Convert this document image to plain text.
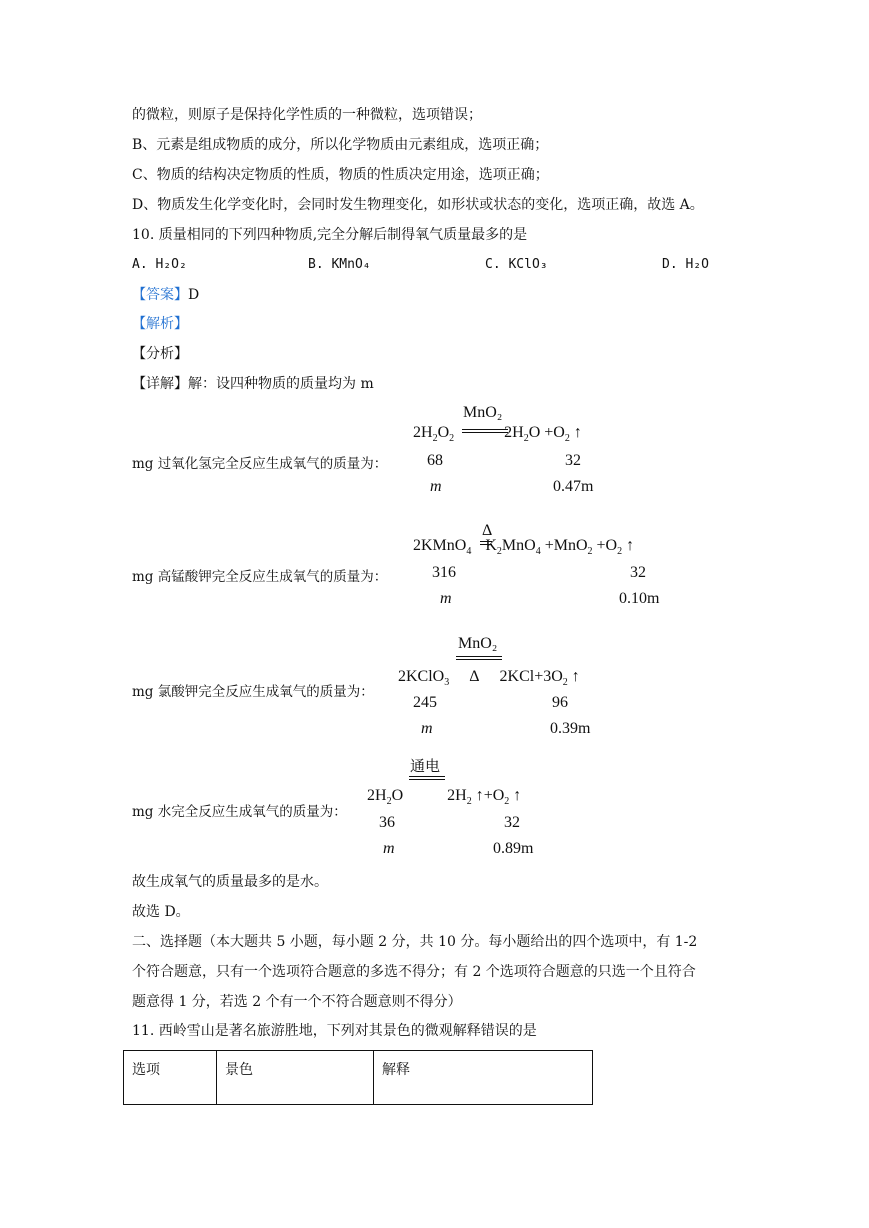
的微粒，则原子是保持化学性质的一种微粒，选项错误；
B、元素是组成物质的成分，所以化学物质由元素组成，选项正确；
C、物质的结构决定物质的性质，物质的性质决定用途，选项正确；
D、物质发生化学变化时，会同时发生物理变化，如形状或状态的变化，选项正确，故选 A。
10. 质量相同的下列四种物质,完全分解后制得氧气质量最多的是
A. H₂O₂	B. KMnO₄	C. KClO₃	D. H₂O
【答案】D
【解析】
【分析】
【详解】解：设四种物质的质量均为 m
MnO₂
$2H_2O_2$	$2H_2O +O_2$ ↑
mg 过氧化氢完全反应生成氧气的质量为： 68	32
m	0.47m
Δ
2KMnO$_4$ $K_2MnO_4 +MnO_2 +O_2$ ↑
mg 高锰酸钾完全反应生成氧气的质量为：	316	32
m	0.10m
MnO₂
2KClO$_3$ Δ $2KCl+3O_2$ ↑
mg 氯酸钾完全反应生成氧气的质量为：
245	96
m	0.39m
通电
$2H_2O$	$2H_2$ $↑+O_2$ ↑
mg 水完全反应生成氧气的质量为：
36	32
m	0.89m
故生成氧气的质量最多的是水。
故选 D。
二、选择题（本大题共 5 小题，每小题 2 分，共 10 分。每小题给出的四个选项中，有 1-2
个符合题意，只有一个选项符合题意的多选不得分；有 2 个选项符合题意的只选一个且符合
题意得 1 分，若选 2 个有一个不符合题意则不得分）
11. 西岭雪山是著名旅游胜地，下列对其景色的微观解释错误的是
选项	景色	解释
